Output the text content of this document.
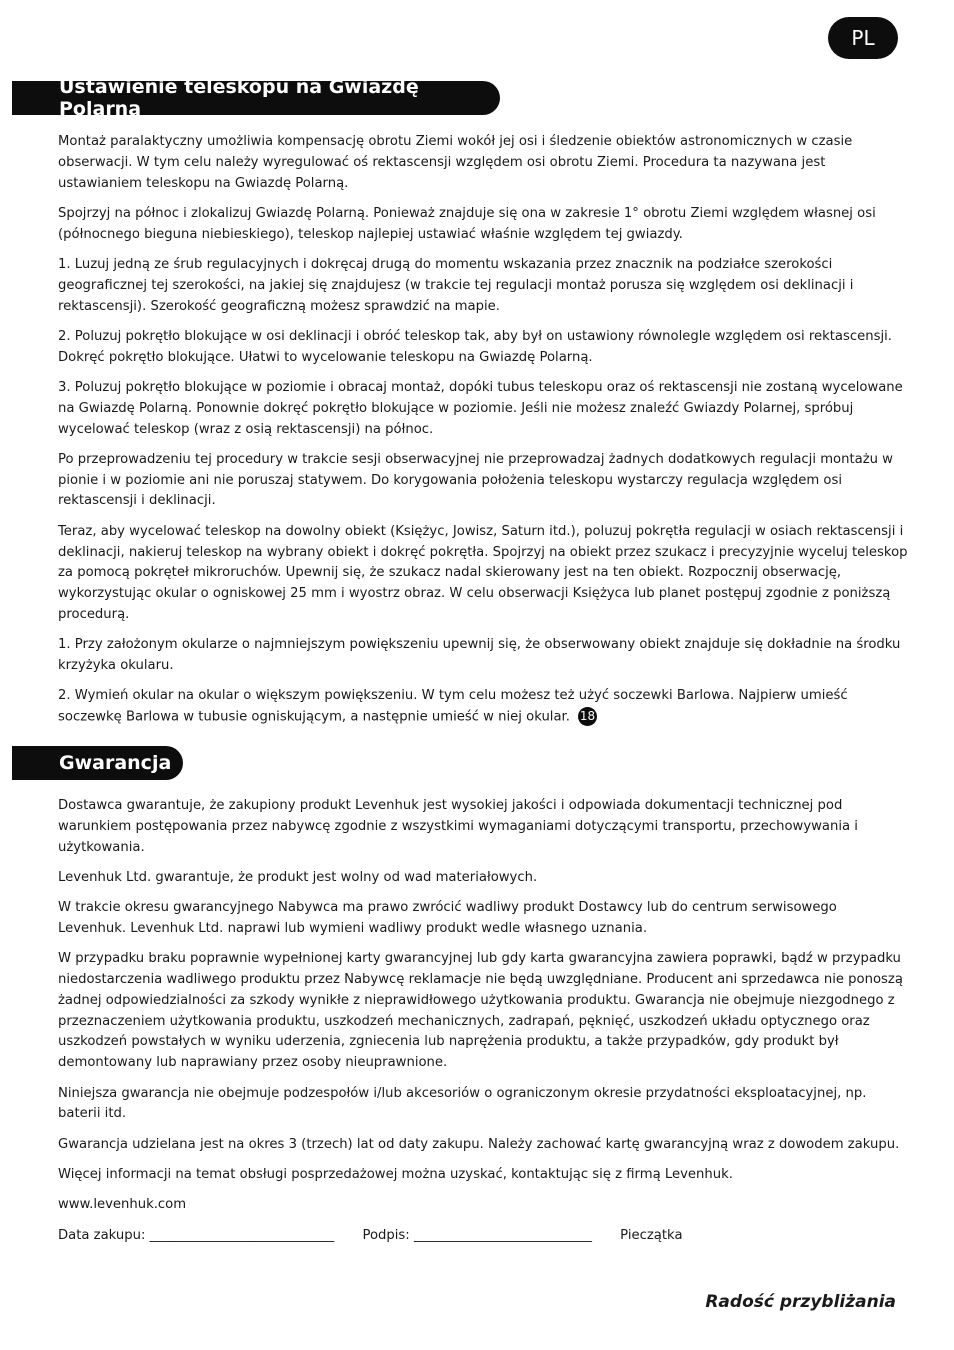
PL
Ustawienie teleskopu na Gwiazdę Polarną

Montaż paralaktyczny umożliwia kompensację obrotu Ziemi wokół jej osi i śledzenie obiektów astronomicznych w czasie obserwacji. W tym celu należy wyregulować oś rektascensji względem osi obrotu Ziemi. Procedura ta nazywana jest ustawianiem teleskopu na Gwiazdę Polarną.

Spojrzyj na północ i zlokalizuj Gwiazdę Polarną. Ponieważ znajduje się ona w zakresie 1° obrotu Ziemi względem własnej osi (północnego bieguna niebieskiego), teleskop najlepiej ustawiać właśnie względem tej gwiazdy.

1. Luzuj jedną ze śrub regulacyjnych i dokręcaj drugą do momentu wskazania przez znacznik na podziałce szerokości geograficznej tej szerokości, na jakiej się znajdujesz (w trakcie tej regulacji montaż porusza się względem osi deklinacji i rektascensji). Szerokość geograficzną możesz sprawdzić na mapie.

2. Poluzuj pokrętło blokujące w osi deklinacji i obróć teleskop tak, aby był on ustawiony równolegle względem osi rektascensji. Dokręć pokrętło blokujące. Ułatwi to wycelowanie teleskopu na Gwiazdę Polarną.

3. Poluzuj pokrętło blokujące w poziomie i obracaj montaż, dopóki tubus teleskopu oraz oś rektascensji nie zostaną wycelowane na Gwiazdę Polarną. Ponownie dokręć pokrętło blokujące w poziomie. Jeśli nie możesz znaleźć Gwiazdy Polarnej, spróbuj wycelować teleskop (wraz z osią rektascensji) na północ.

Po przeprowadzeniu tej procedury w trakcie sesji obserwacyjnej nie przeprowadzaj żadnych dodatkowych regulacji montażu w pionie i w poziomie ani nie poruszaj statywem. Do korygowania położenia teleskopu wystarczy regulacja względem osi rektascensji i deklinacji.

Teraz, aby wycelować teleskop na dowolny obiekt (Księżyc, Jowisz, Saturn itd.), poluzuj pokrętła regulacji w osiach rektascensji i deklinacji, nakieruj teleskop na wybrany obiekt i dokręć pokrętła. Spojrzyj na obiekt przez szukacz i precyzyjnie wyceluj teleskop za pomocą pokręteł mikroruchów. Upewnij się, że szukacz nadal skierowany jest na ten obiekt. Rozpocznij obserwację, wykorzystując okular o ogniskowej 25 mm i wyostrz obraz. W celu obserwacji Księżyca lub planet postępuj zgodnie z poniższą procedurą.

1. Przy założonym okularze o najmniejszym powiększeniu upewnij się, że obserwowany obiekt znajduje się dokładnie na środku krzyżyka okularu.

2. Wymień okular na okular o większym powiększeniu. W tym celu możesz też użyć soczewki Barlowa. Najpierw umieść soczewkę Barlowa w tubusie ogniskującym, a następnie umieść w niej okular. 18

Gwarancja

Dostawca gwarantuje, że zakupiony produkt Levenhuk jest wysokiej jakości i odpowiada dokumentacji technicznej pod warunkiem postępowania przez nabywcę zgodnie z wszystkimi wymaganiami dotyczącymi transportu, przechowywania i użytkowania.

Levenhuk Ltd. gwarantuje, że produkt jest wolny od wad materiałowych.

W trakcie okresu gwarancyjnego Nabywca ma prawo zwrócić wadliwy produkt Dostawcy lub do centrum serwisowego Levenhuk. Levenhuk Ltd. naprawi lub wymieni wadliwy produkt wedle własnego uznania.

W przypadku braku poprawnie wypełnionej karty gwarancyjnej lub gdy karta gwarancyjna zawiera poprawki, bądź w przypadku niedostarczenia wadliwego produktu przez Nabywcę reklamacje nie będą uwzględniane. Producent ani sprzedawca nie ponoszą żadnej odpowiedzialności za szkody wynikłe z nieprawidłowego użytkowania produktu. Gwarancja nie obejmuje niezgodnego z przeznaczeniem użytkowania produktu, uszkodzeń mechanicznych, zadrapań, pęknięć, uszkodzeń układu optycznego oraz uszkodzeń powstałych w wyniku uderzenia, zgniecenia lub naprężenia produktu, a także przypadków, gdy produkt był demontowany lub naprawiany przez osoby nieuprawnione.

Niniejsza gwarancja nie obejmuje podzespołów i/lub akcesoriów o ograniczonym okresie przydatności eksploatacyjnej, np. baterii itd.

Gwarancja udzielana jest na okres 3 (trzech) lat od daty zakupu. Należy zachować kartę gwarancyjną wraz z dowodem zakupu.

Więcej informacji na temat obsługi posprzedażowej można uzyskać, kontaktując się z firmą Levenhuk.

www.levenhuk.com

Data zakupu: ____________________________ Podpis: ___________________________ Pieczątka

Radość przybliżania
